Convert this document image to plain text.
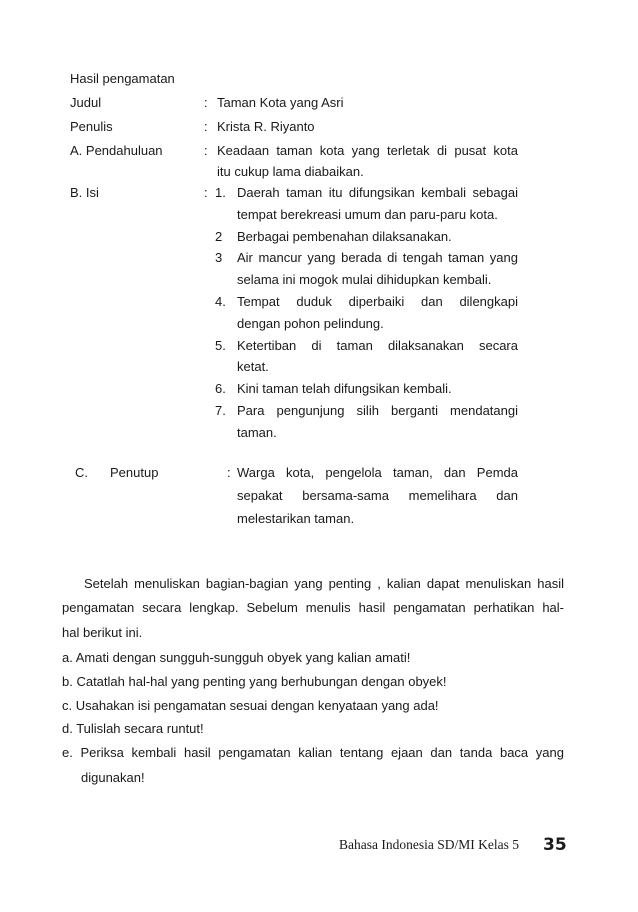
Hasil pengamatan
Judul	: Taman Kota yang Asri
Penulis	: Krista R. Riyanto
A. Pendahuluan	: Keadaan taman kota yang terletak di pusat kota
itu cukup lama diabaikan.
B. Isi	: 1. Daerah taman itu difungsikan kembali sebagai
tempat berekreasi umum dan paru-paru kota.
2 Berbagai pembenahan dilaksanakan.
3 Air mancur yang berada di tengah taman yang
selama ini mogok mulai dihidupkan kembali.
4. Tempat duduk diperbaiki dan dilengkapi
dengan pohon pelindung.
5. Ketertiban di taman dilaksanakan secara
ketat.
6. Kini taman telah difungsikan kembali.
7. Para pengunjung silih berganti mendatangi
taman.
C. Penutup	: Warga kota, pengelola taman, dan Pemda
sepakat bersama-sama memelihara dan
melestarikan taman.
Setelah menuliskan bagian-bagian yang penting , kalian dapat menuliskan hasil
pengamatan secara lengkap. Sebelum menulis hasil pengamatan perhatikan hal-
hal berikut ini.
a. Amati dengan sungguh-sungguh obyek yang kalian amati!
b. Catatlah hal-hal yang penting yang berhubungan dengan obyek!
c. Usahakan isi pengamatan sesuai dengan kenyataan yang ada!
d. Tulislah secara runtut!
e. Periksa kembali hasil pengamatan kalian tentang ejaan dan tanda baca yang
digunakan!
Bahasa Indonesia SD/MI Kelas 5 35
